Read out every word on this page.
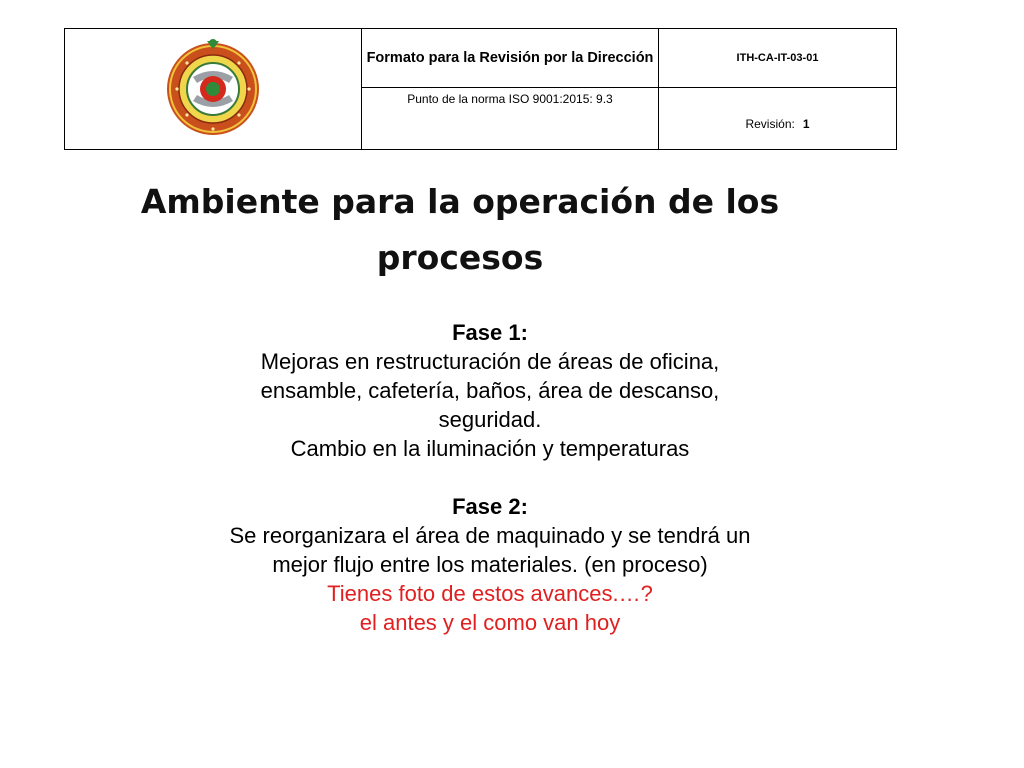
	Formato para la Revisión por la Dirección	ITH-CA-IT-03-01
	Punto de la norma ISO 9001:2015: 9.3	Revisión: 1
Ambiente para la operación de los procesos
Fase 1:
Mejoras en restructuración de áreas de oficina,
ensamble, cafetería, baños, área de descanso,
seguridad.
Cambio en la iluminación y temperaturas
Fase 2:
Se reorganizara el área de maquinado y se tendrá un
mejor flujo entre los materiales. (en proceso)
Tienes foto de estos avances.…?
el antes y el como van hoy
